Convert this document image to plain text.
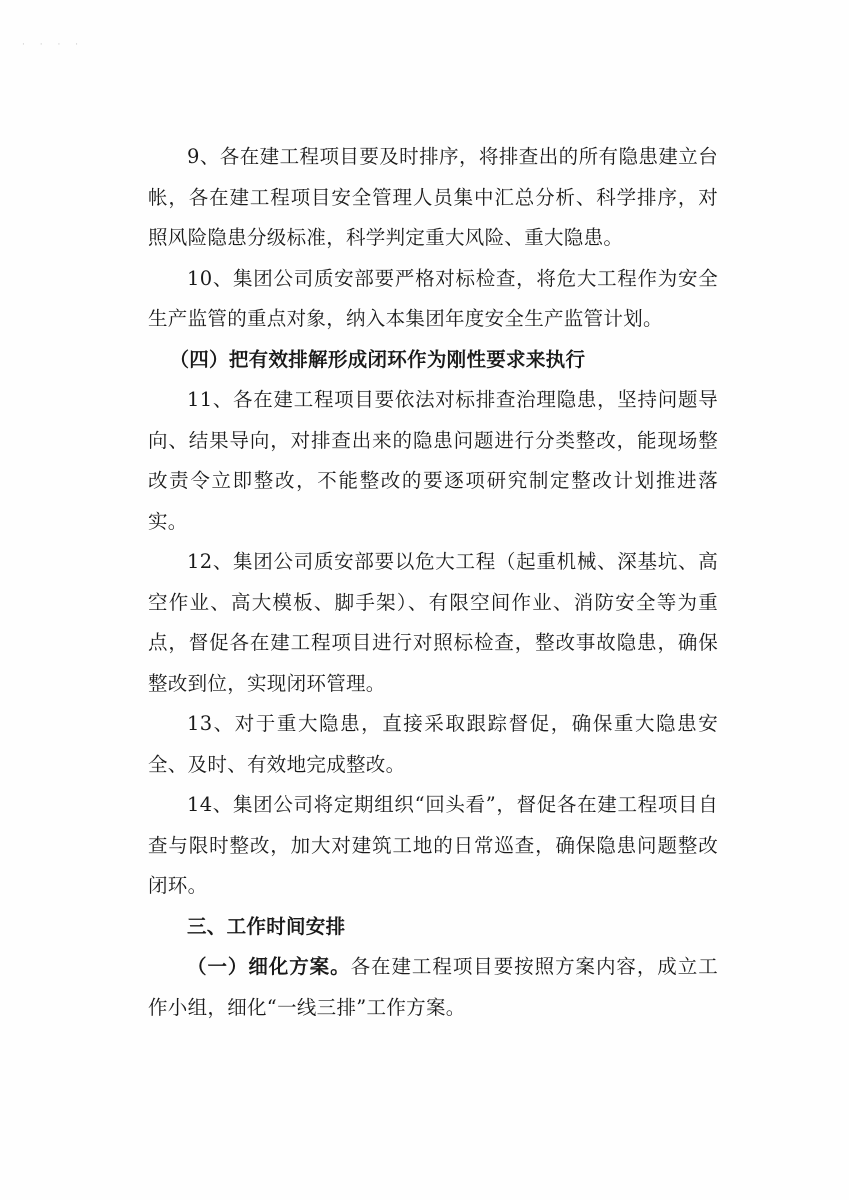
· · · ·

9、各在建工程项目要及时排序，将排查出的所有隐患建立台帐，各在建工程项目安全管理人员集中汇总分析、科学排序，对照风险隐患分级标准，科学判定重大风险、重大隐患。

10、集团公司质安部要严格对标检查，将危大工程作为安全生产监管的重点对象，纳入本集团年度安全生产监管计划。

（四）把有效排解形成闭环作为刚性要求来执行

11、各在建工程项目要依法对标排查治理隐患，坚持问题导向、结果导向，对排查出来的隐患问题进行分类整改，能现场整改责令立即整改，不能整改的要逐项研究制定整改计划推进落实。

12、集团公司质安部要以危大工程（起重机械、深基坑、高空作业、高大模板、脚手架）、有限空间作业、消防安全等为重点，督促各在建工程项目进行对照标检查，整改事故隐患，确保整改到位，实现闭环管理。

13、对于重大隐患，直接采取跟踪督促，确保重大隐患安全、及时、有效地完成整改。

14、集团公司将定期组织“回头看”，督促各在建工程项目自查与限时整改，加大对建筑工地的日常巡查，确保隐患问题整改闭环。

三、工作时间安排

（一）细化方案。各在建工程项目要按照方案内容，成立工作小组，细化“一线三排”工作方案。
